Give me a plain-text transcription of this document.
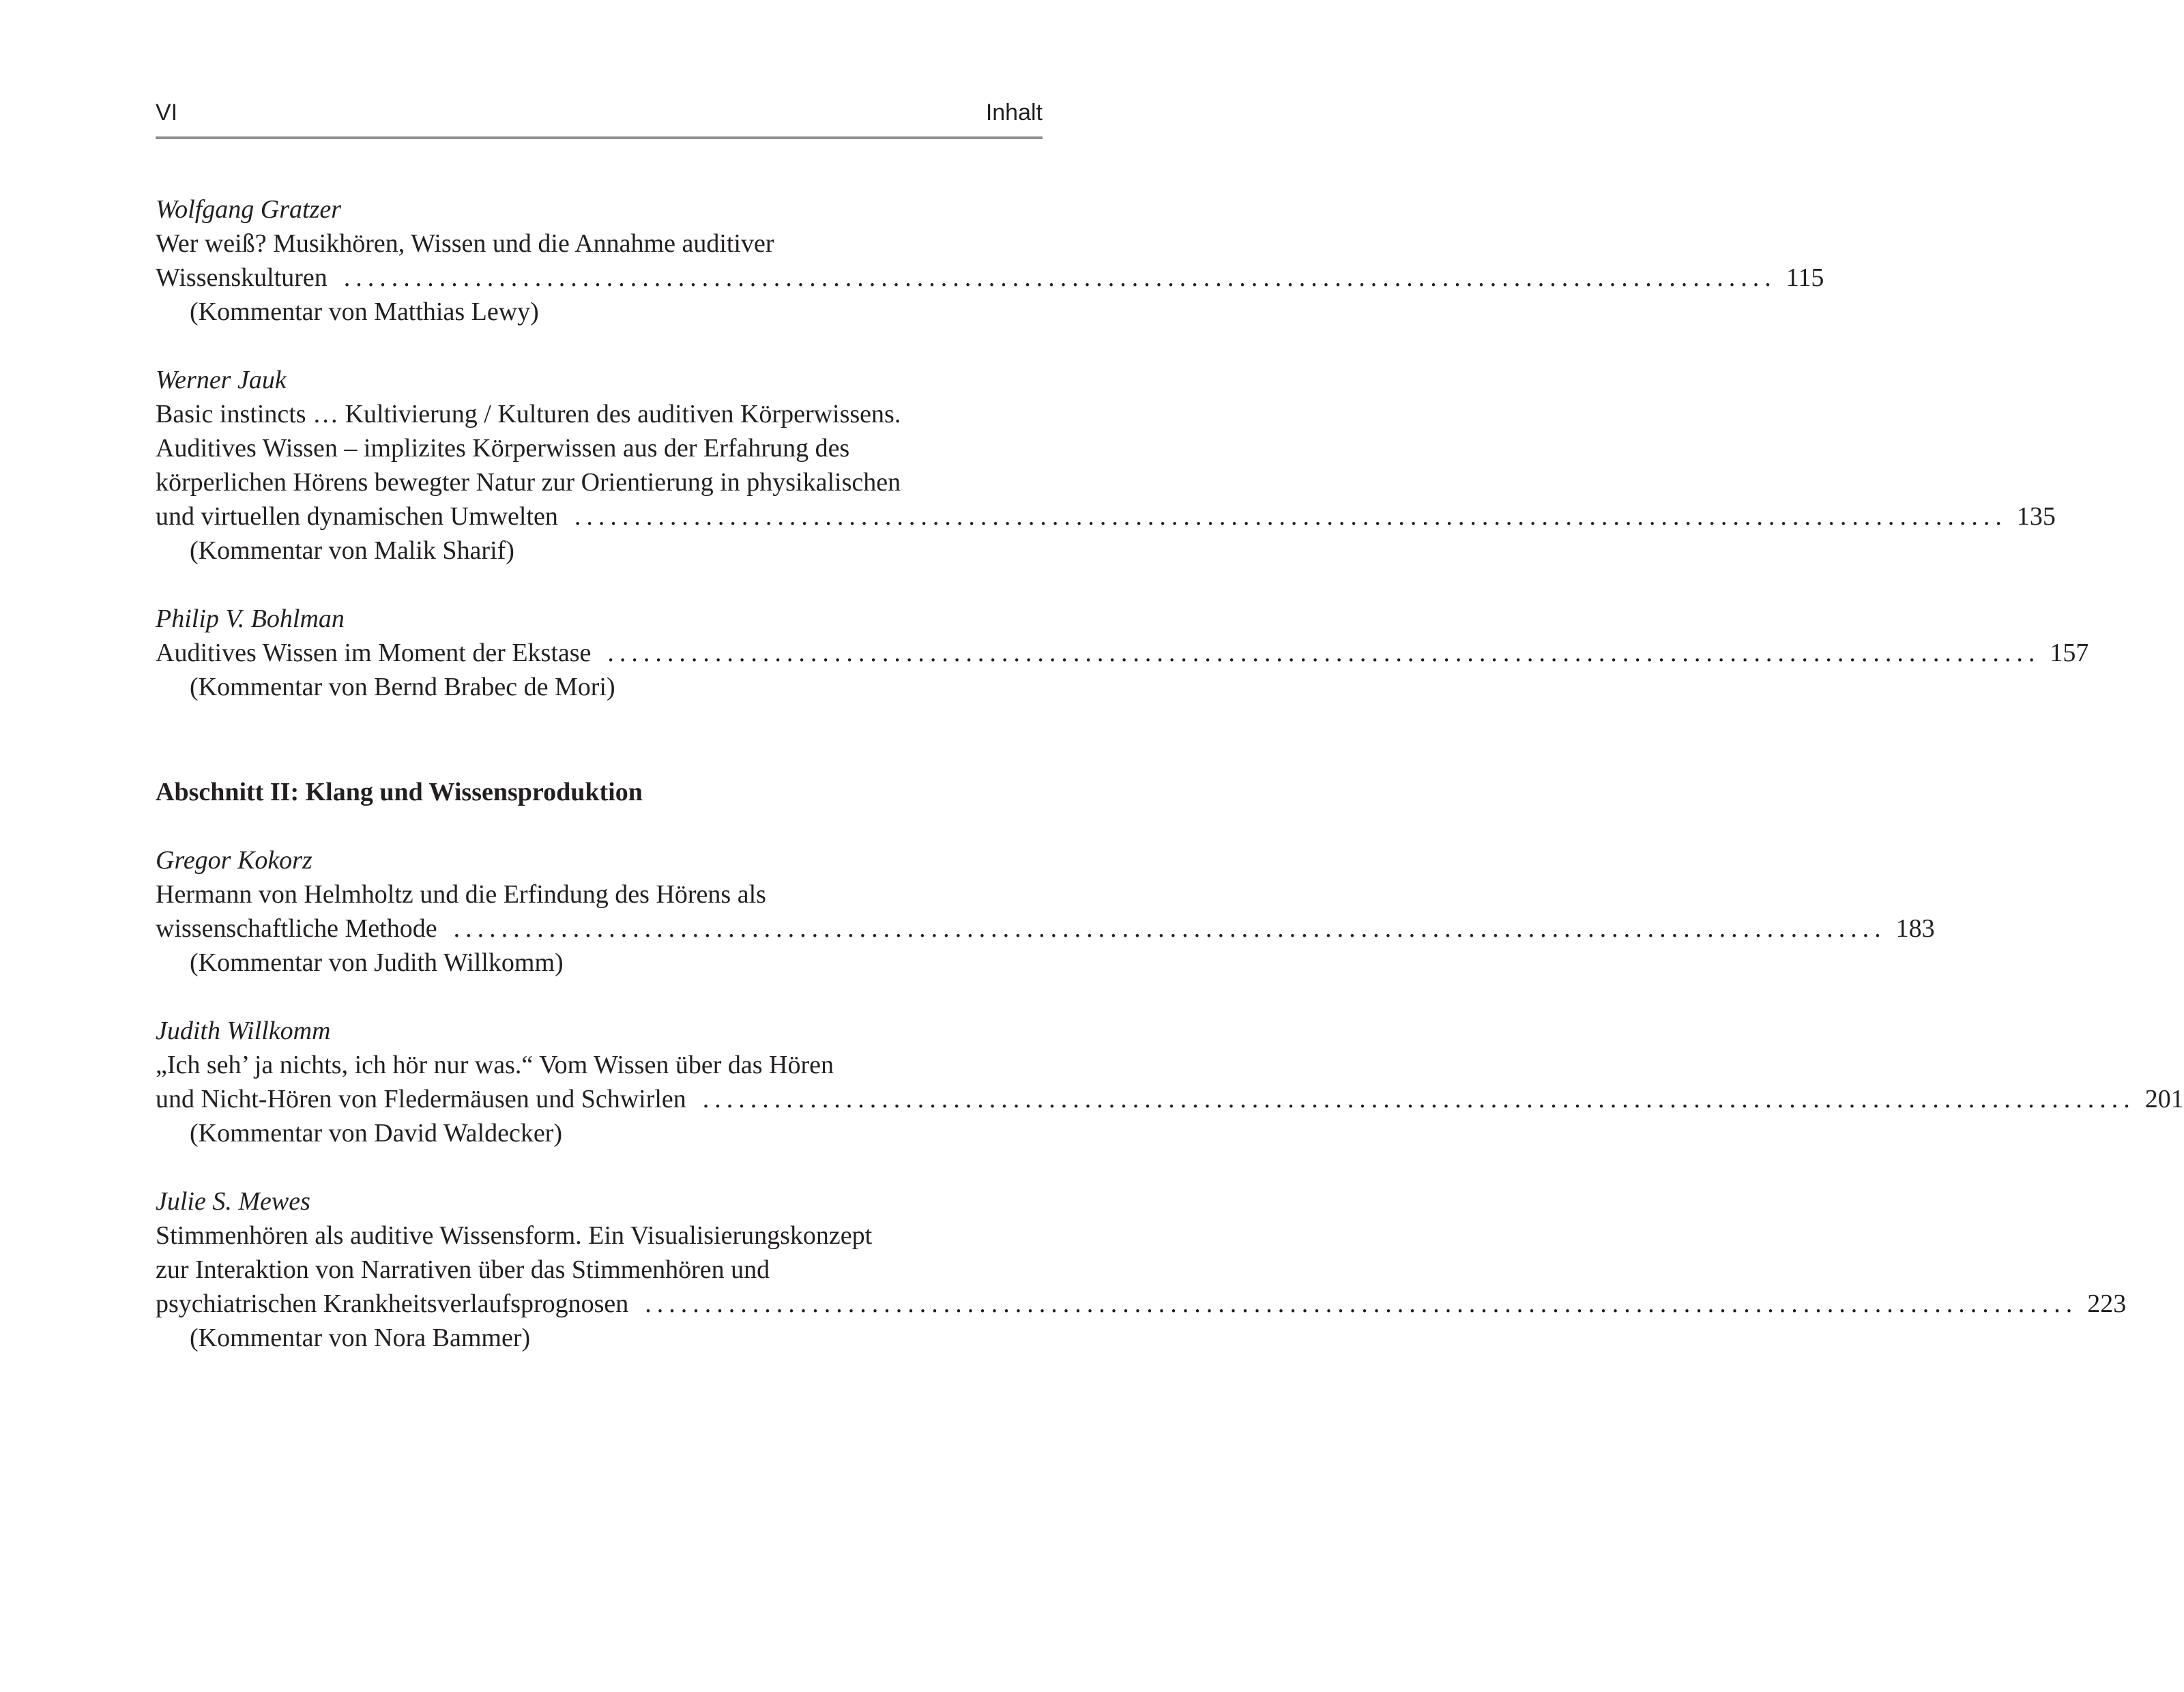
VI	Inhalt
Wolfgang Gratzer
Wer weiß? Musikhören, Wissen und die Annahme auditiver
Wissenskulturen ........................................................................................................................ 115
(Kommentar von Matthias Lewy)
Werner Jauk
Basic instincts … Kultivierung / Kulturen des auditiven Körperwissens.
Auditives Wissen – implizites Körperwissen aus der Erfahrung des
körperlichen Hörens bewegter Natur zur Orientierung in physikalischen
und virtuellen dynamischen Umwelten ........................................................................................................................ 135
(Kommentar von Malik Sharif)
Philip V. Bohlman
Auditives Wissen im Moment der Ekstase ........................................................................................................................ 157
(Kommentar von Bernd Brabec de Mori)
Abschnitt II: Klang und Wissensproduktion
Gregor Kokorz
Hermann von Helmholtz und die Erfindung des Hörens als
wissenschaftliche Methode ........................................................................................................................ 183
(Kommentar von Judith Willkomm)
Judith Willkomm
„Ich seh’ ja nichts, ich hör nur was.“ Vom Wissen über das Hören
und Nicht-Hören von Fledermäusen und Schwirlen ........................................................................................................................ 201
(Kommentar von David Waldecker)
Julie S. Mewes
Stimmenhören als auditive Wissensform. Ein Visualisierungskonzept
zur Interaktion von Narrativen über das Stimmenhören und
psychiatrischen Krankheitsverlaufsprognosen ........................................................................................................................ 223
(Kommentar von Nora Bammer)
